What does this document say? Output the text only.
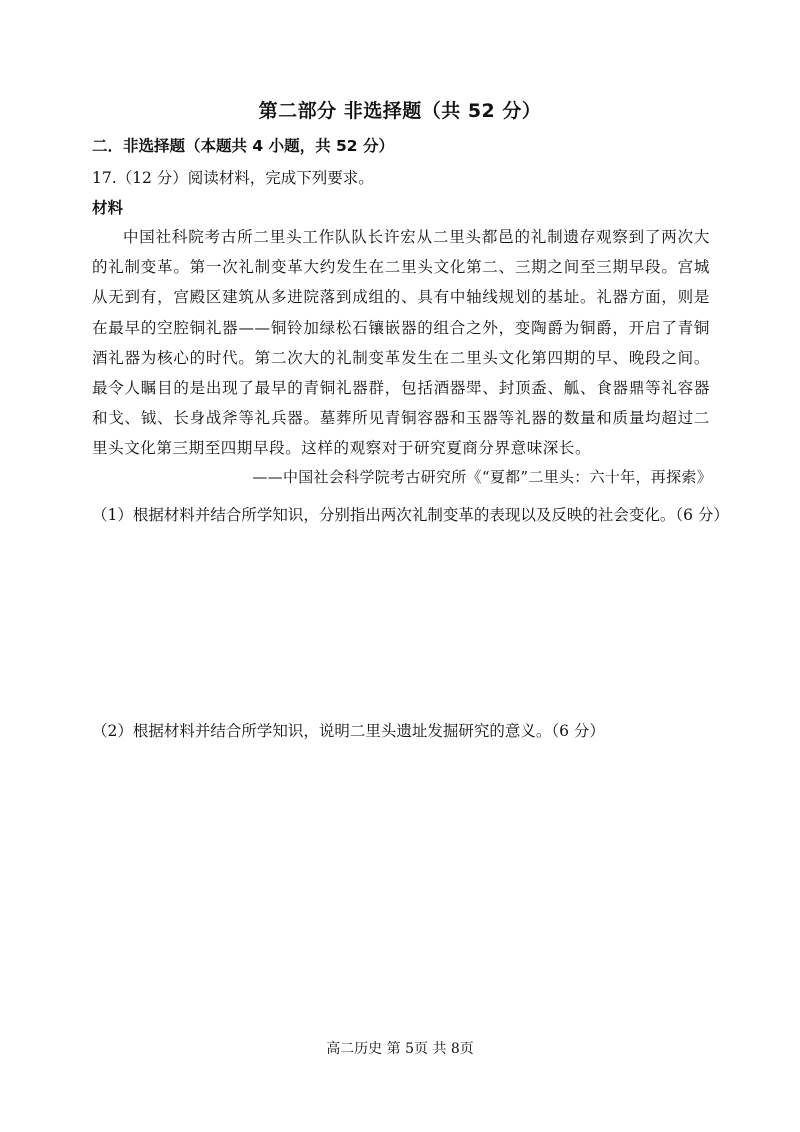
第二部分 非选择题（共 52 分）
二．非选择题（本题共 4 小题，共 52 分）
17.（12 分）阅读材料，完成下列要求。
材料
中国社科院考古所二里头工作队队长许宏从二里头都邑的礼制遗存观察到了两次大的礼制变革。第一次礼制变革大约发生在二里头文化第二、三期之间至三期早段。宫城从无到有，宫殿区建筑从多进院落到成组的、具有中轴线规划的基址。礼器方面，则是在最早的空腔铜礼器——铜铃加绿松石镶嵌器的组合之外，变陶爵为铜爵，开启了青铜酒礼器为核心的时代。第二次大的礼制变革发生在二里头文化第四期的早、晚段之间。最令人瞩目的是出现了最早的青铜礼器群，包括酒器斝、封顶盉、觚、食器鼎等礼容器和戈、钺、长身战斧等礼兵器。墓葬所见青铜容器和玉器等礼器的数量和质量均超过二里头文化第三期至四期早段。这样的观察对于研究夏商分界意味深长。
——中国社会科学院考古研究所《“夏都”二里头：六十年，再探索》
（1）根据材料并结合所学知识，分别指出两次礼制变革的表现以及反映的社会变化。（6 分）
（2）根据材料并结合所学知识，说明二里头遗址发掘研究的意义。（6 分）
高二历史 第 5页 共 8页
